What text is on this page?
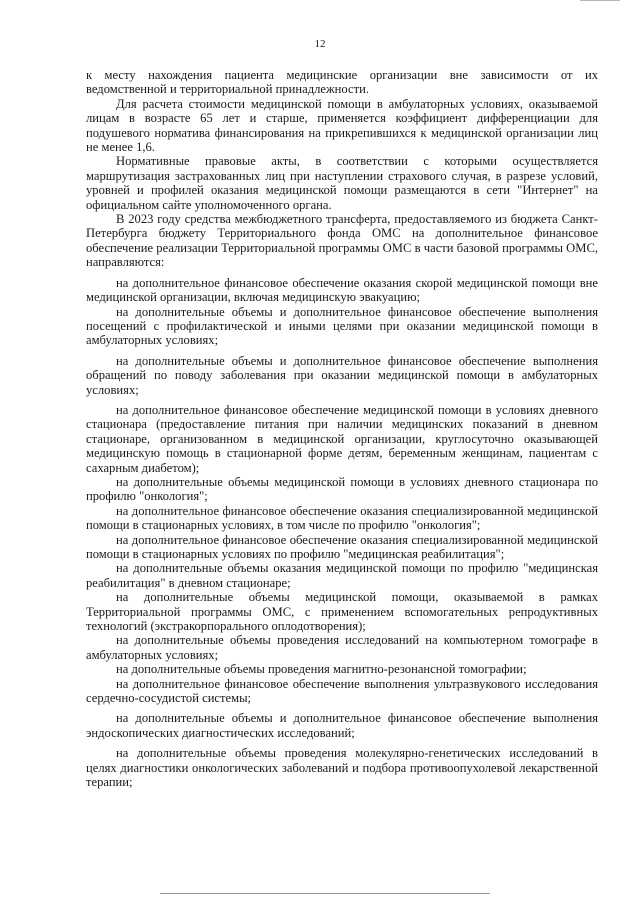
12

к месту нахождения пациента медицинские организации вне зависимости от их ведомственной и территориальной принадлежности.

Для расчета стоимости медицинской помощи в амбулаторных условиях, оказываемой лицам в возрасте 65 лет и старше, применяется коэффициент дифференциации для подушевого норматива финансирования на прикрепившихся к медицинской организации лиц не менее 1,6.

Нормативные правовые акты, в соответствии с которыми осуществляется маршрутизация застрахованных лиц при наступлении страхового случая, в разрезе условий, уровней и профилей оказания медицинской помощи размещаются в сети "Интернет" на официальном сайте уполномоченного органа.

В 2023 году средства межбюджетного трансферта, предоставляемого из бюджета Санкт-Петербурга бюджету Территориального фонда ОМС на дополнительное финансовое обеспечение реализации Территориальной программы ОМС в части базовой программы ОМС, направляются:

на дополнительное финансовое обеспечение оказания скорой медицинской помощи вне медицинской организации, включая медицинскую эвакуацию;

на дополнительные объемы и дополнительное финансовое обеспечение выполнения посещений с профилактической и иными целями при оказании медицинской помощи в амбулаторных условиях;

на дополнительные объемы и дополнительное финансовое обеспечение выполнения обращений по поводу заболевания при оказании медицинской помощи в амбулаторных условиях;

на дополнительное финансовое обеспечение медицинской помощи в условиях дневного стационара (предоставление питания при наличии медицинских показаний в дневном стационаре, организованном в медицинской организации, круглосуточно оказывающей медицинскую помощь в стационарной форме детям, беременным женщинам, пациентам с сахарным диабетом);

на дополнительные объемы медицинской помощи в условиях дневного стационара по профилю "онкология";

на дополнительное финансовое обеспечение оказания специализированной медицинской помощи в стационарных условиях, в том числе по профилю "онкология";

на дополнительное финансовое обеспечение оказания специализированной медицинской помощи в стационарных условиях по профилю "медицинская реабилитация";

на дополнительные объемы оказания медицинской помощи по профилю "медицинская реабилитация" в дневном стационаре;

на дополнительные объемы медицинской помощи, оказываемой в рамках Территориальной программы ОМС, с применением вспомогательных репродуктивных технологий (экстракорпорального оплодотворения);

на дополнительные объемы проведения исследований на компьютерном томографе в амбулаторных условиях;

на дополнительные объемы проведения магнитно-резонансной томографии;

на дополнительное финансовое обеспечение выполнения ультразвукового исследования сердечно-сосудистой системы;

на дополнительные объемы и дополнительное финансовое обеспечение выполнения эндоскопических диагностических исследований;

на дополнительные объемы проведения молекулярно-генетических исследований в целях диагностики онкологических заболеваний и подбора противоопухолевой лекарственной терапии;
